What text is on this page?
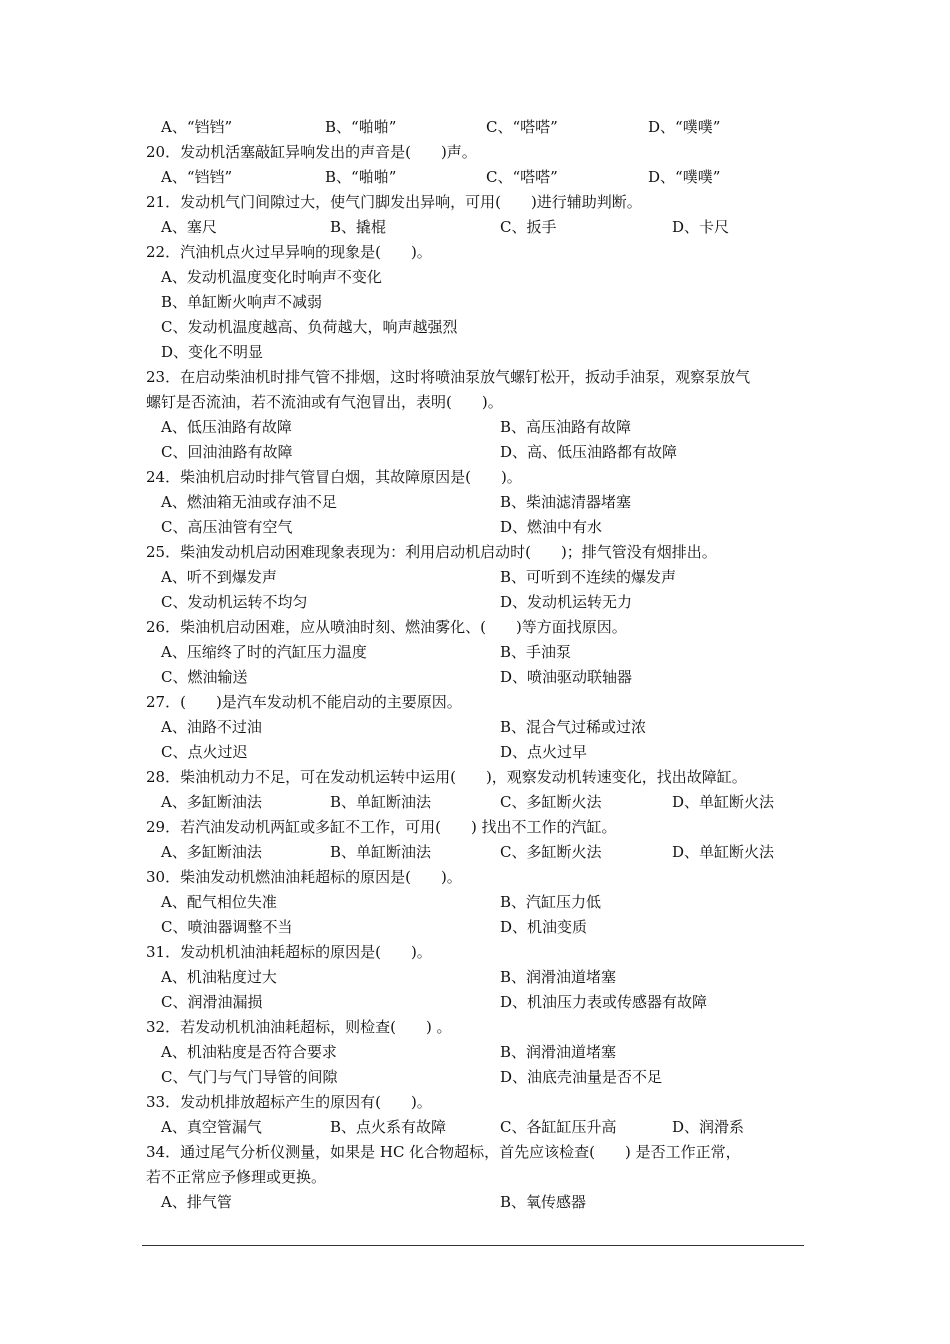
A、“铛铛”	B、“啪啪”	C、“嗒嗒”	D、“噗噗”
20．发动机活塞敲缸异响发出的声音是(　　)声。
A、“铛铛”	B、“啪啪”	C、“嗒嗒”	D、“噗噗”
21．发动机气门间隙过大，使气门脚发出异响，可用(　　)进行辅助判断。
A、塞尺	B、撬棍	C、扳手	D、卡尺
22．汽油机点火过早异响的现象是(　　)。
A、发动机温度变化时响声不变化
B、单缸断火响声不减弱
C、发动机温度越高、负荷越大，响声越强烈
D、变化不明显
23．在启动柴油机时排气管不排烟，这时将喷油泵放气螺钉松开，扳动手油泵，观察泵放气
螺钉是否流油，若不流油或有气泡冒出，表明(　　)。
A、低压油路有故障	B、高压油路有故障
C、回油油路有故障	D、高、低压油路都有故障
24．柴油机启动时排气管冒白烟，其故障原因是(　　)。
A、燃油箱无油或存油不足	B、柴油滤清器堵塞
C、高压油管有空气	D、燃油中有水
25．柴油发动机启动困难现象表现为：利用启动机启动时(　　)；排气管没有烟排出。
A、听不到爆发声	B、可听到不连续的爆发声
C、发动机运转不均匀	D、发动机运转无力
26．柴油机启动困难，应从喷油时刻、燃油雾化、(　　)等方面找原因。
A、压缩终了时的汽缸压力温度	B、手油泵
C、燃油输送	D、喷油驱动联轴器
27．(　　)是汽车发动机不能启动的主要原因。
A、油路不过油	B、混合气过稀或过浓
C、点火过迟	D、点火过早
28．柴油机动力不足，可在发动机运转中运用(　　)，观察发动机转速变化，找出故障缸。
A、多缸断油法	B、单缸断油法	C、多缸断火法	D、单缸断火法
29．若汽油发动机两缸或多缸不工作，可用(　　) 找出不工作的汽缸。
A、多缸断油法	B、单缸断油法	C、多缸断火法	D、单缸断火法
30．柴油发动机燃油油耗超标的原因是(　　)。
A、配气相位失准	B、汽缸压力低
C、喷油器调整不当	D、机油变质
31．发动机机油油耗超标的原因是(　　)。
A、机油粘度过大	B、润滑油道堵塞
C、润滑油漏损	D、机油压力表或传感器有故障
32．若发动机机油油耗超标，则检查(　　) 。
A、机油粘度是否符合要求	B、润滑油道堵塞
C、气门与气门导管的间隙	D、油底壳油量是否不足
33．发动机排放超标产生的原因有(　　)。
A、真空管漏气	B、点火系有故障	C、各缸缸压升高	D、润滑系
34．通过尾气分析仪测量，如果是 HC 化合物超标，首先应该检查(　　) 是否工作正常，
若不正常应予修理或更换。
A、排气管	B、氧传感器
